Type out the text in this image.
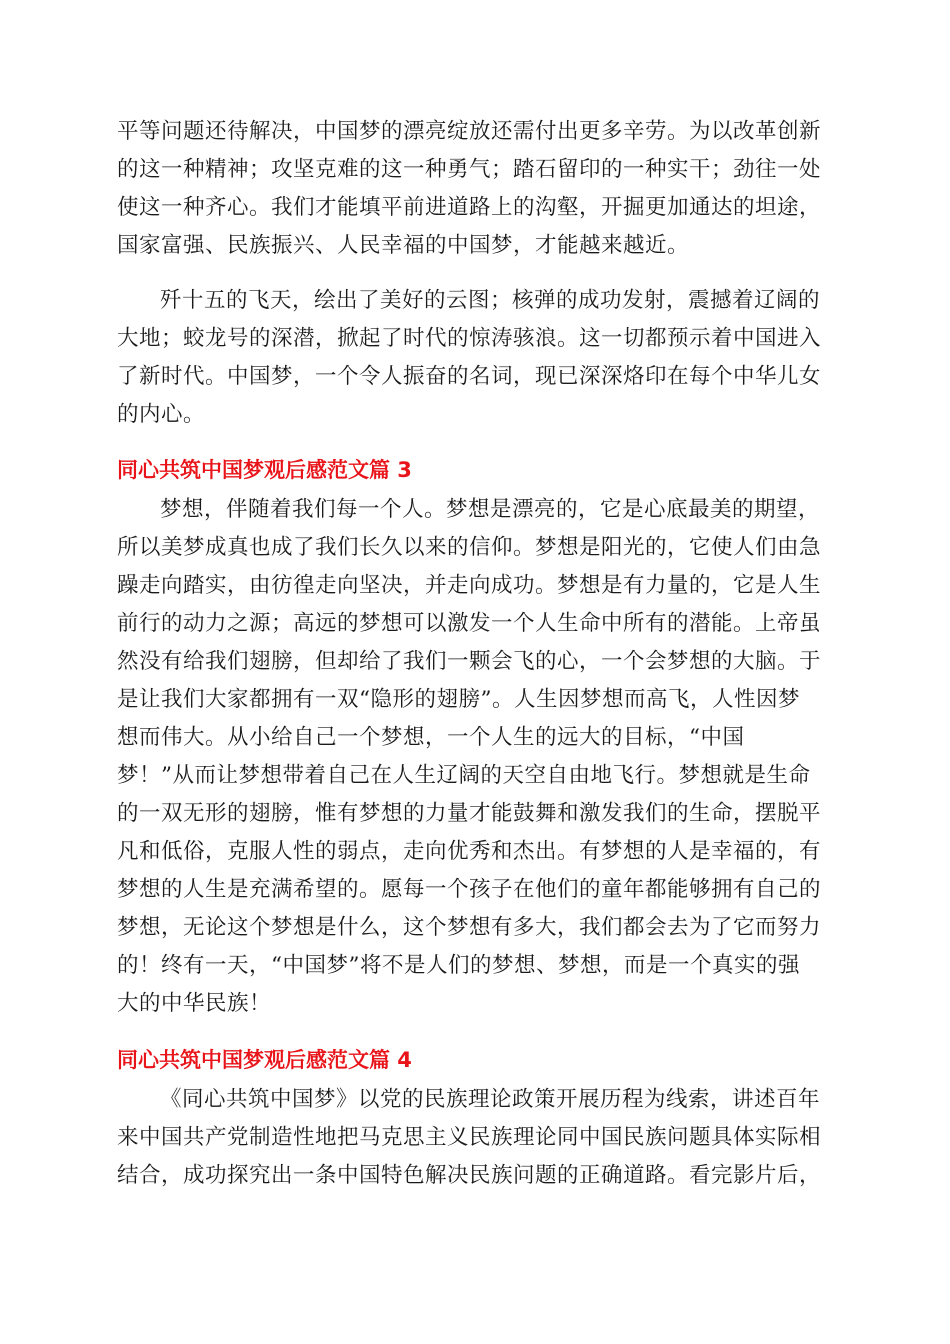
平等问题还待解决，中国梦的漂亮绽放还需付出更多辛劳。为以改革创新
的这一种精神；攻坚克难的这一种勇气；踏石留印的一种实干；劲往一处
使这一种齐心。我们才能填平前进道路上的沟壑，开掘更加通达的坦途，
国家富强、民族振兴、人民幸福的中国梦，才能越来越近。
歼十五的飞天，绘出了美好的云图；核弹的成功发射，震撼着辽阔的
大地；蛟龙号的深潜，掀起了时代的惊涛骇浪。这一切都预示着中国进入
了新时代。中国梦，一个令人振奋的名词，现已深深烙印在每个中华儿女
的内心。
同心共筑中国梦观后感范文篇 3
梦想，伴随着我们每一个人。梦想是漂亮的，它是心底最美的期望，
所以美梦成真也成了我们长久以来的信仰。梦想是阳光的，它使人们由急
躁走向踏实，由彷徨走向坚决，并走向成功。梦想是有力量的，它是人生
前行的动力之源；高远的梦想可以激发一个人生命中所有的潜能。上帝虽
然没有给我们翅膀，但却给了我们一颗会飞的心，一个会梦想的大脑。于
是让我们大家都拥有一双“隐形的翅膀”。人生因梦想而高飞，人性因梦
想而伟大。从小给自己一个梦想，一个人生的远大的目标，“中国
梦！”从而让梦想带着自己在人生辽阔的天空自由地飞行。梦想就是生命
的一双无形的翅膀，惟有梦想的力量才能鼓舞和激发我们的生命，摆脱平
凡和低俗，克服人性的弱点，走向优秀和杰出。有梦想的人是幸福的，有
梦想的人生是充满希望的。愿每一个孩子在他们的童年都能够拥有自己的
梦想，无论这个梦想是什么，这个梦想有多大，我们都会去为了它而努力
的！终有一天，“中国梦”将不是人们的梦想、梦想，而是一个真实的强
大的中华民族！
同心共筑中国梦观后感范文篇 4
《同心共筑中国梦》以党的民族理论政策开展历程为线索，讲述百年
来中国共产党制造性地把马克思主义民族理论同中国民族问题具体实际相
结合，成功探究出一条中国特色解决民族问题的正确道路。看完影片后，
